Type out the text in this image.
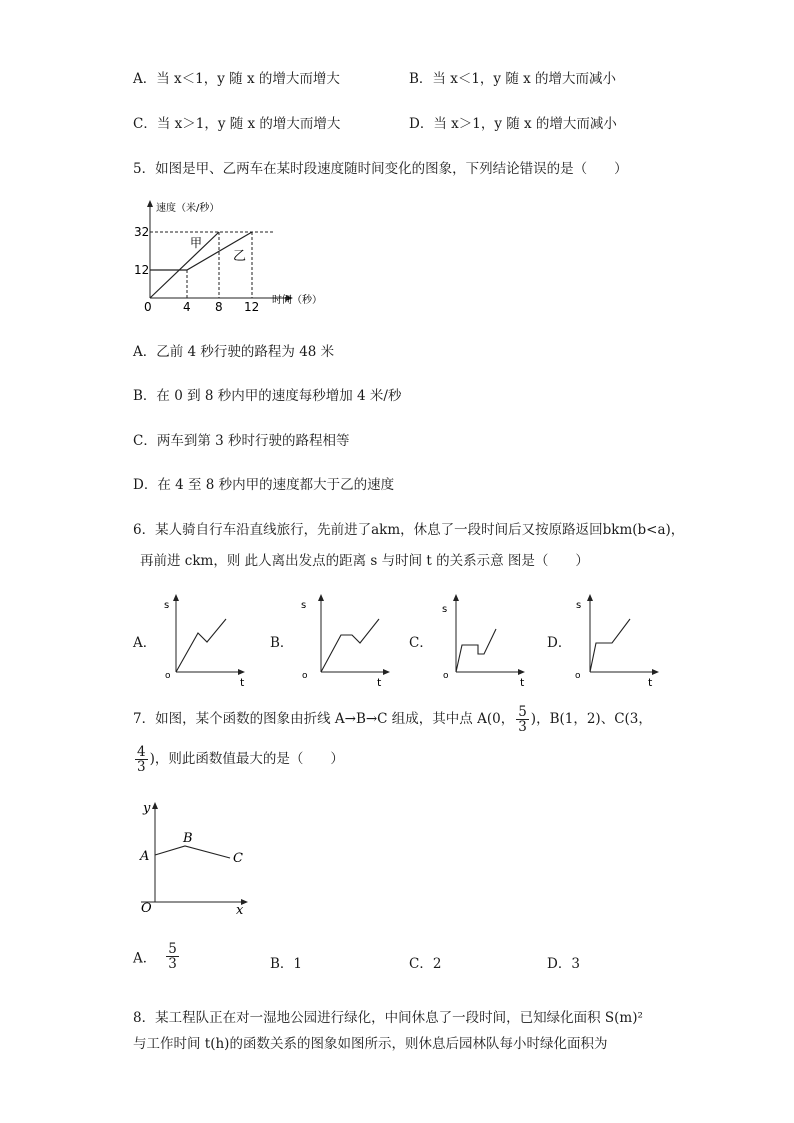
A．当 x＜1，y 随 x 的增大而增大	B．当 x＜1，y 随 x 的增大而减小
C．当 x＞1，y 随 x 的增大而增大	D．当 x＞1，y 随 x 的增大而减小
5．如图是甲、乙两车在某时段速度随时间变化的图象，下列结论错误的是（　　）
速度（米/秒）
时间（秒）
32
12
0	4 8 12
甲
乙
A．乙前 4 秒行驶的路程为 48 米
B．在 0 到 8 秒内甲的速度每秒增加 4 米/秒
C．两车到第 3 秒时行驶的路程相等
D．在 4 至 8 秒内甲的速度都大于乙的速度
6．某人骑自行车沿直线旅行，先前进了akm，休息了一段时间后又按原路返回bkm(b<a)，
再前进 ckm，则 此人离出发点的距离 s 与时间 t 的关系示意 图是（　　）
A．
s
o	t
B．
s
o	t
C．
s
o	t
D．
s
o	t
7．如图，某个函数的图象由折线 A→B→C 组成，其中点 A(0， $\frac{5}{3}$ )，B(1，2)、C(3，
$\frac{4}{3}$ )，则此函数值最大的是（　　）
y
x
O
A
B
C
A． $\frac{5}{3}$	B．1	C．2	D．3
8．某工程队正在对一湿地公园进行绿化，中间休息了一段时间，已知绿化面积 S(m)²
与工作时间 t(h)的函数关系的图象如图所示，则休息后园林队每小时绿化面积为
